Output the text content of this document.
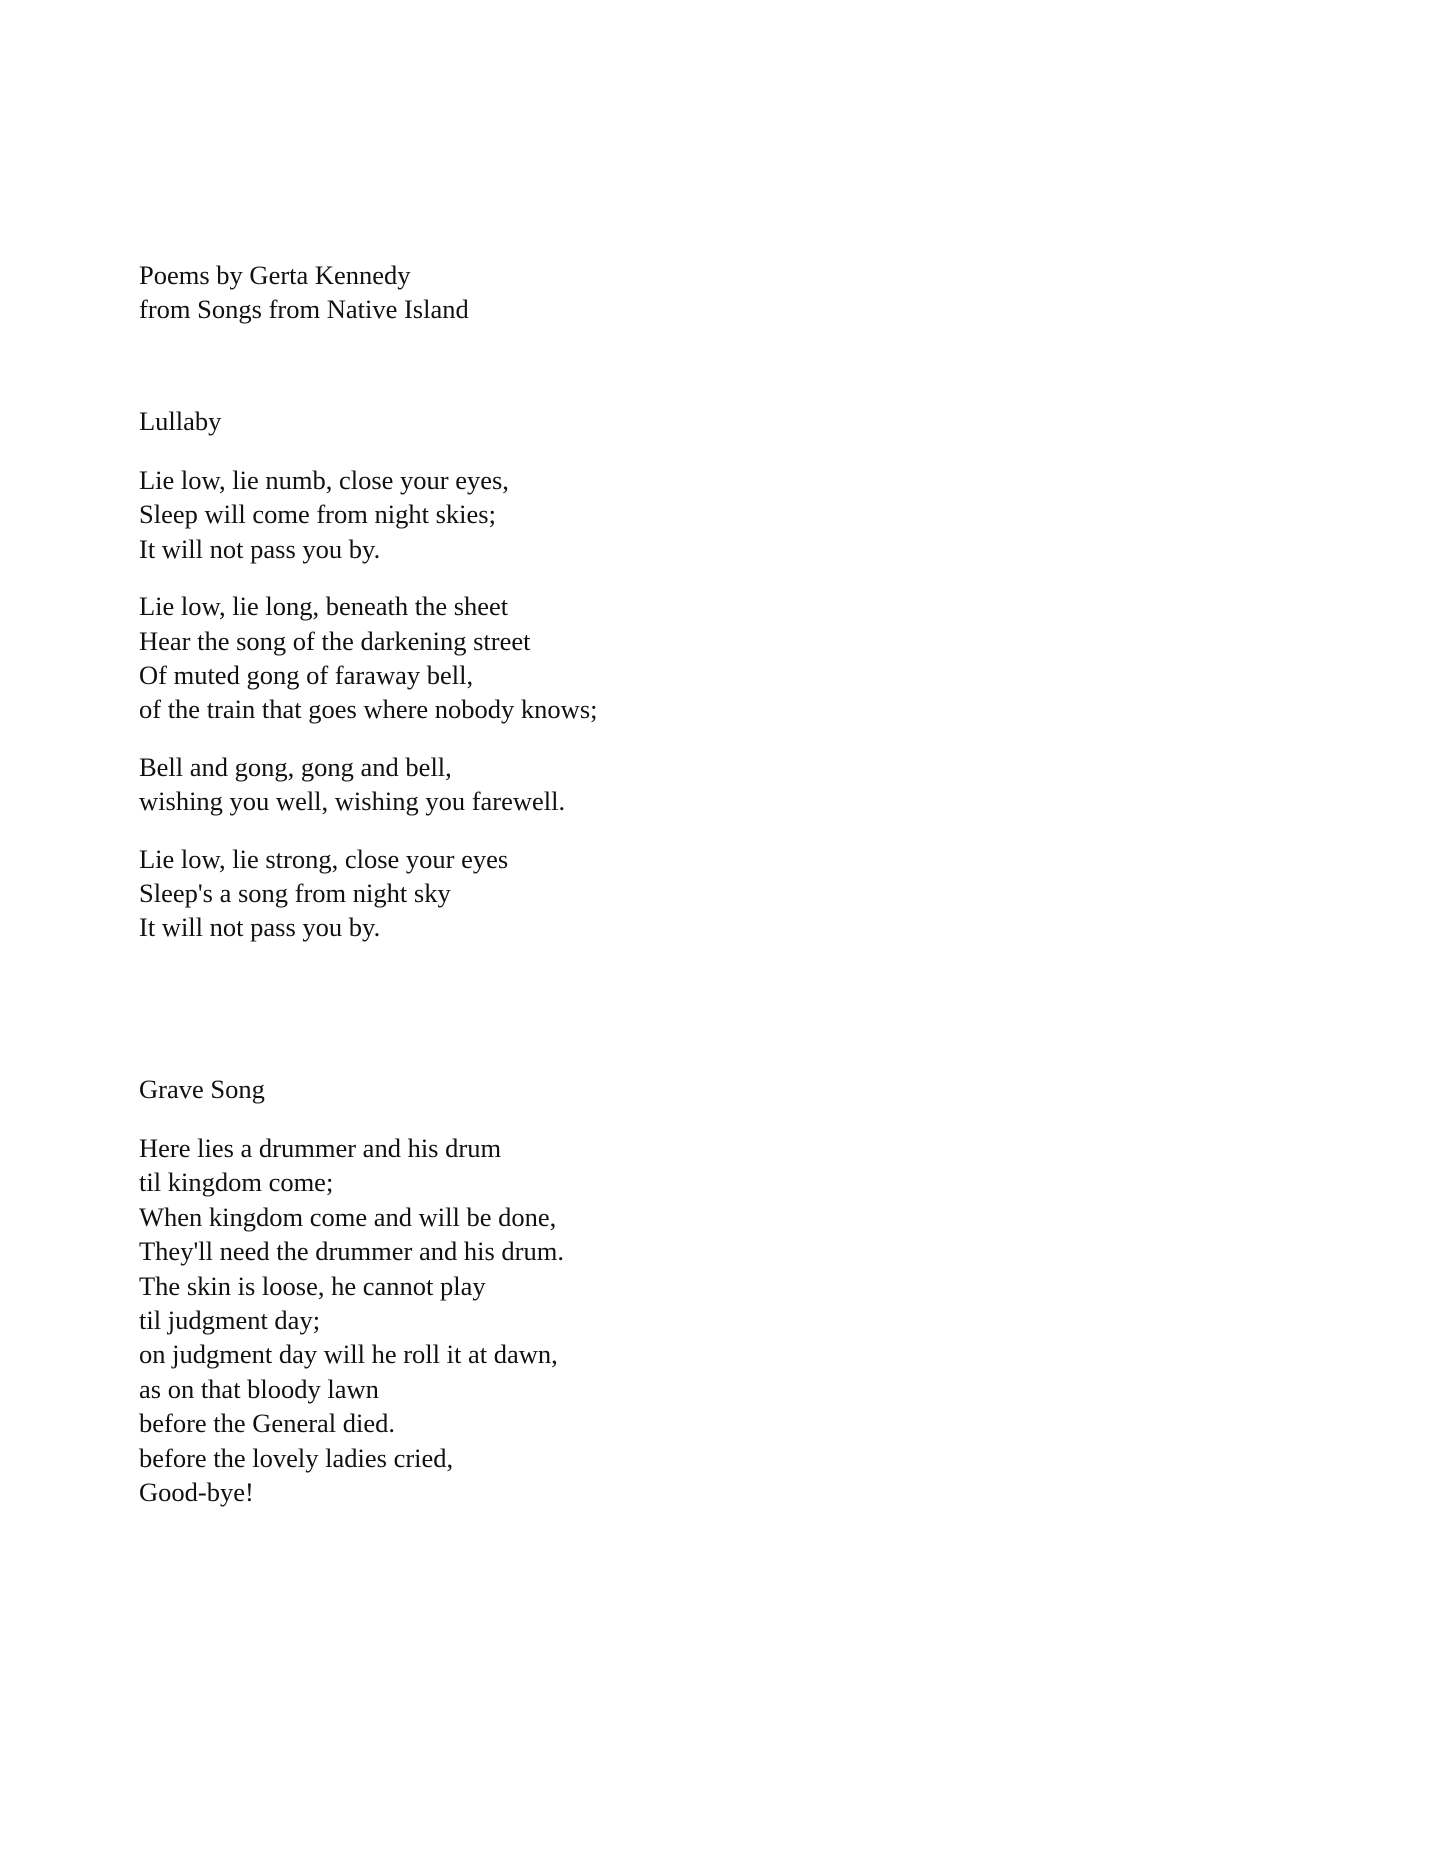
Poems by Gerta Kennedy
from Songs from Native Island
Lullaby
Lie low, lie numb, close your eyes,
Sleep will come from night skies;
It will not pass you by.
Lie low, lie long, beneath the sheet
Hear the song of the darkening street
Of muted gong of faraway bell,
of the train that goes where nobody knows;
Bell and gong, gong and bell,
wishing you well, wishing you farewell.
Lie low, lie strong, close your eyes
Sleep's a song from night sky
It will not pass you by.
Grave Song
Here lies a drummer and his drum
til kingdom come;
When kingdom come and will be done,
They'll need the drummer and his drum.
The skin is loose, he cannot play
til judgment day;
on judgment day will he roll it at dawn,
as on that bloody lawn
before the General died.
before the lovely ladies cried,
Good-bye!
